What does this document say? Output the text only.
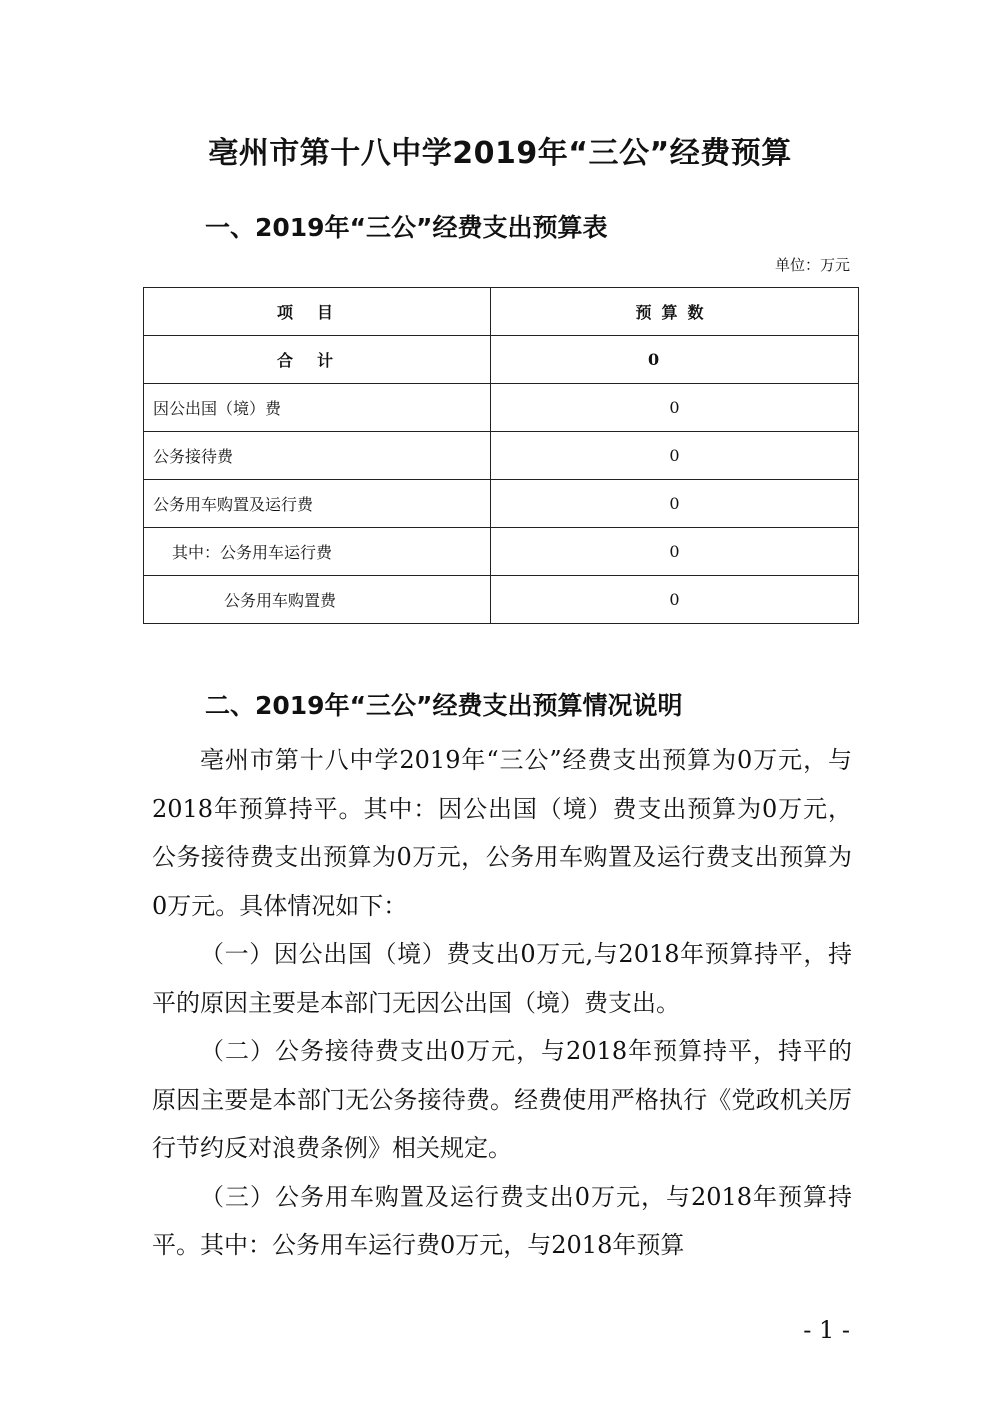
亳州市第十八中学2019年“三公”经费预算
一、2019年“三公”经费支出预算表
单位：万元
项目	预算数
合计	0
因公出国（境）费	0
公务接待费	0
公务用车购置及运行费	0
其中：公务用车运行费	0
公务用车购置费	0
二、2019年“三公”经费支出预算情况说明

亳州市第十八中学2019年“三公”经费支出预算为0万元，与2018年预算持平。其中：因公出国（境）费支出预算为0万元，公务接待费支出预算为0万元，公务用车购置及运行费支出预算为0万元。具体情况如下：

（一）因公出国（境）费支出0万元,与2018年预算持平，持平的原因主要是本部门无因公出国（境）费支出。

（二）公务接待费支出0万元，与2018年预算持平，持平的原因主要是本部门无公务接待费。经费使用严格执行《党政机关厉行节约反对浪费条例》相关规定。

（三）公务用车购置及运行费支出0万元，与2018年预算持平。其中：公务用车运行费0万元，与2018年预算

- 1 -
